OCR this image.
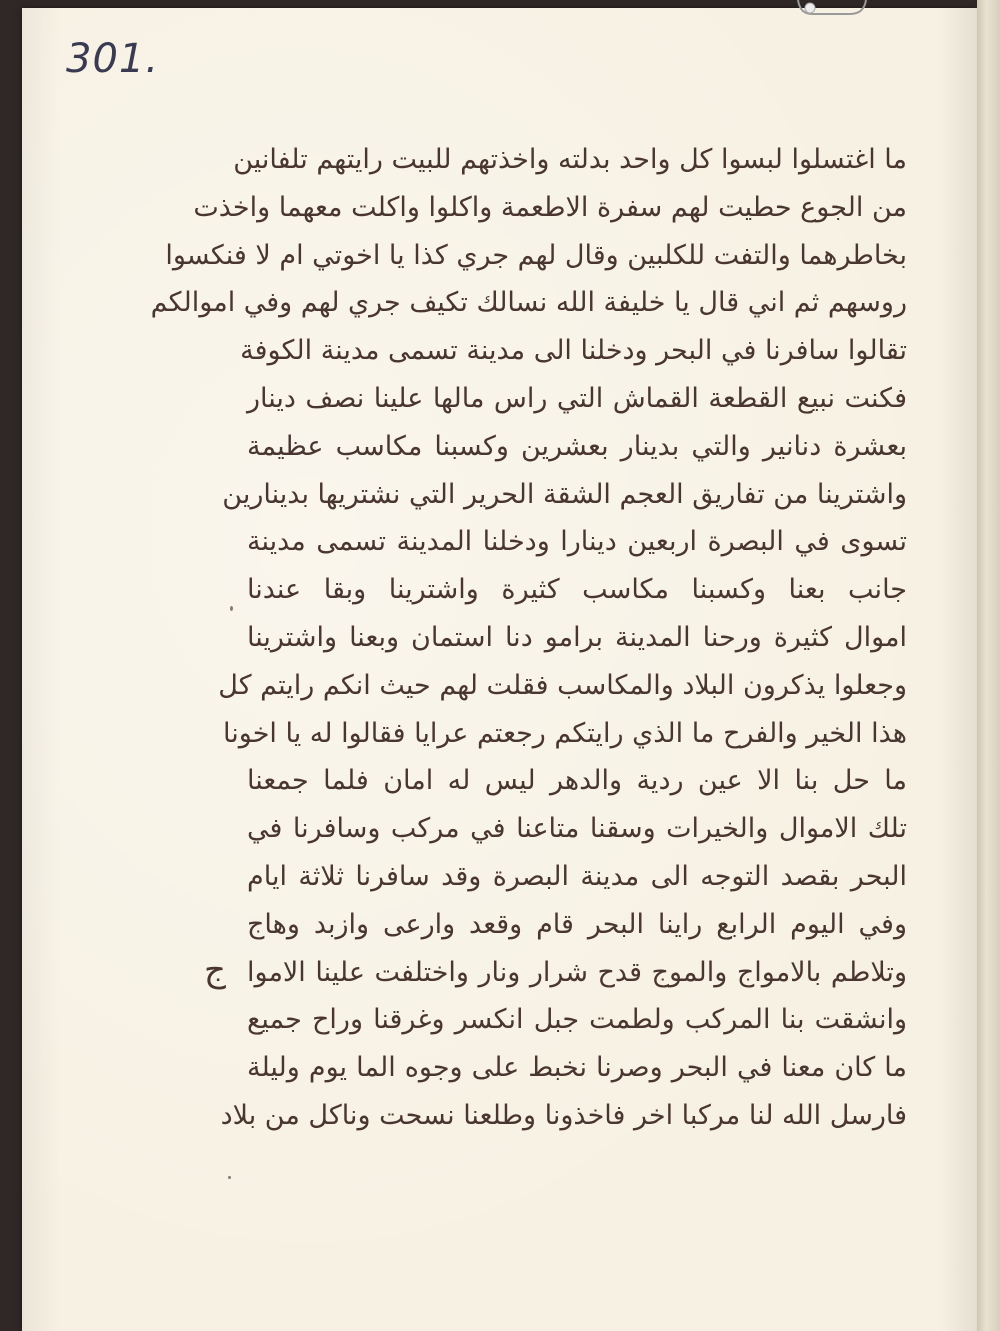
301.
ما اغتسلوا لبسوا كل واحد بدلته واخذتهم للبيت رايتهم تلفانين
من الجوع حطيت لهم سفرة الاطعمة واكلوا واكلت معهما واخذت
بخاطرهما والتفت للكلبين وقال لهم جري كذا يا اخوتي ام لا فنكسوا
روسهم ثم اني قال يا خليفة الله نسالك تكيف جري لهم وفي اموالكم
تقالوا سافرنا في البحر ودخلنا الى مدينة تسمى مدينة الكوفة
فكنت نبيع القطعة القماش التي راس مالها علينا نصف دينار
بعشرة دنانير والتي بدينار بعشرين وكسبنا مكاسب عظيمة
واشترينا من تفاريق العجم الشقة الحرير التي نشتريها بدينارين
تسوى في البصرة اربعين دينارا ودخلنا المدينة تسمى مدينة
جانب بعنا وكسبنا مكاسب كثيرة واشترينا وبقا عندنا
اموال كثيرة ورحنا المدينة برامو دنا استمان وبعنا واشترينا
وجعلوا يذكرون البلاد والمكاسب فقلت لهم حيث انكم رايتم كل
هذا الخير والفرح ما الذي رايتكم رجعتم عرايا فقالوا له يا اخونا
ما حل بنا الا عين ردية والدهر ليس له امان فلما جمعنا
تلك الاموال والخيرات وسقنا متاعنا في مركب وسافرنا في
البحر بقصد التوجه الى مدينة البصرة وقد سافرنا ثلاثة ايام
وفي اليوم الرابع راينا البحر قام وقعد وارعى وازبد وهاج
وتلاطم بالامواج والموج قدح شرار ونار واختلفت علينا الاموا
وانشقت بنا المركب ولطمت جبل انكسر وغرقنا وراح جميع
ما كان معنا في البحر وصرنا نخبط على وجوه الما يوم وليلة
فارسل الله لنا مركبا اخر فاخذونا وطلعنا نسحت وناكل من بلاد
ج
